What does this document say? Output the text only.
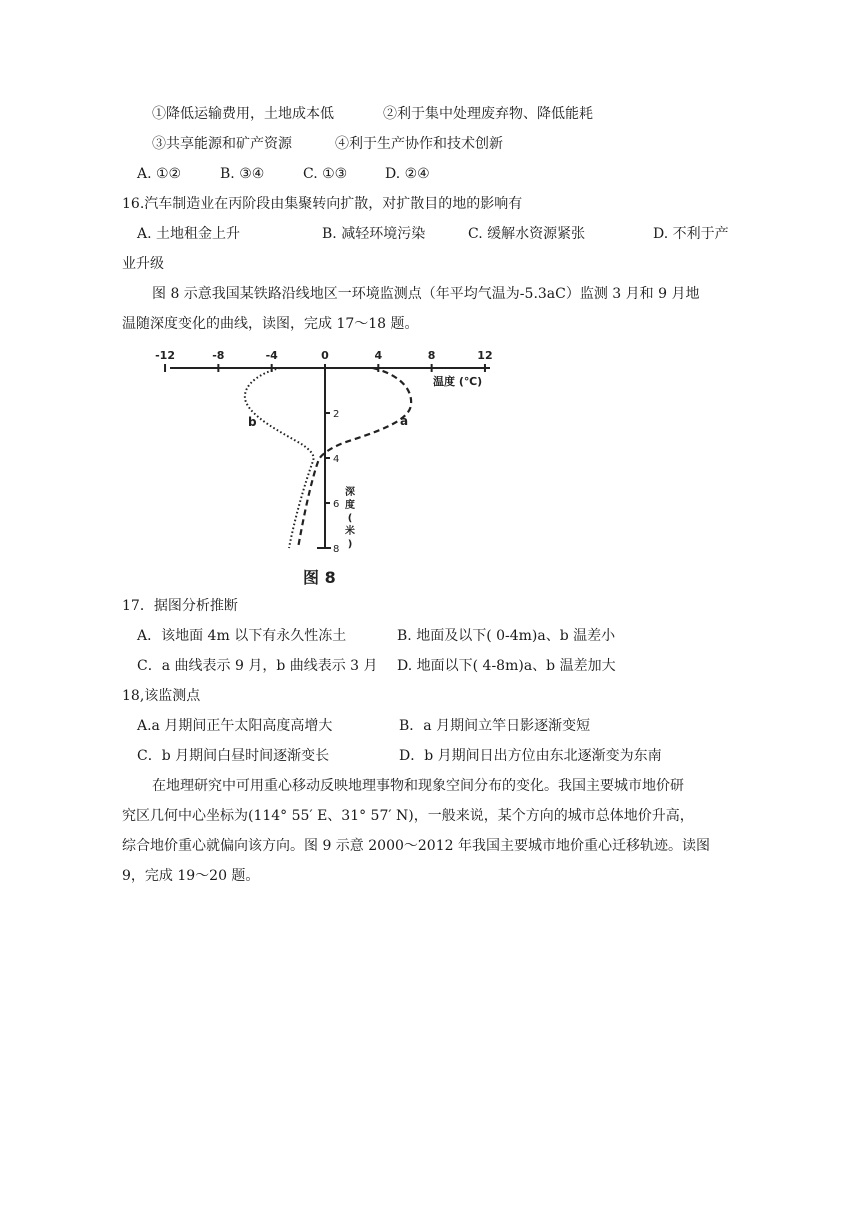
①降低运输费用，土地成本低	②利于集中处理废弃物、降低能耗
③共享能源和矿产资源	④利于生产协作和技术创新
A. ①②	B. ③④	C. ①③	D. ②④
16.汽车制造业在丙阶段由集聚转向扩散，对扩散目的地的影响有
A. 土地租金上升	B. 减轻环境污染	C. 缓解水资源紧张	D. 不利于产
业升级
图 8 示意我国某铁路沿线地区一环境监测点（年平均气温为-5.3aC）监测 3 月和 9 月地
温随深度变化的曲线，读图，完成 17～18 题。
-12	-8	-4	0	4	8	12
2
4
6
8
温度 (℃)
深
度
(
米
)
a
b
图 8
17．据图分析推断
A．该地面 4m 以下有永久性冻土	B. 地面及以下( 0-4m)a、b 温差小
C．a 曲线表示 9 月，b 曲线表示 3 月 D. 地面以下( 4-8m)a、b 温差加大
18,该监测点
A.a 月期间正午太阳高度高增大	B．a 月期间立竿日影逐渐变短
C．b 月期间白昼时间逐渐变长	D．b 月期间日出方位由东北逐渐变为东南
在地理研究中可用重心移动反映地理事物和现象空间分布的变化。我国主要城市地价研
究区几何中心坐标为(114° 55′ E、31° 57′ N)，一般来说，某个方向的城市总体地价升高，
综合地价重心就偏向该方向。图 9 示意 2000～2012 年我国主要城市地价重心迁移轨迹。读图
9，完成 19～20 题。
